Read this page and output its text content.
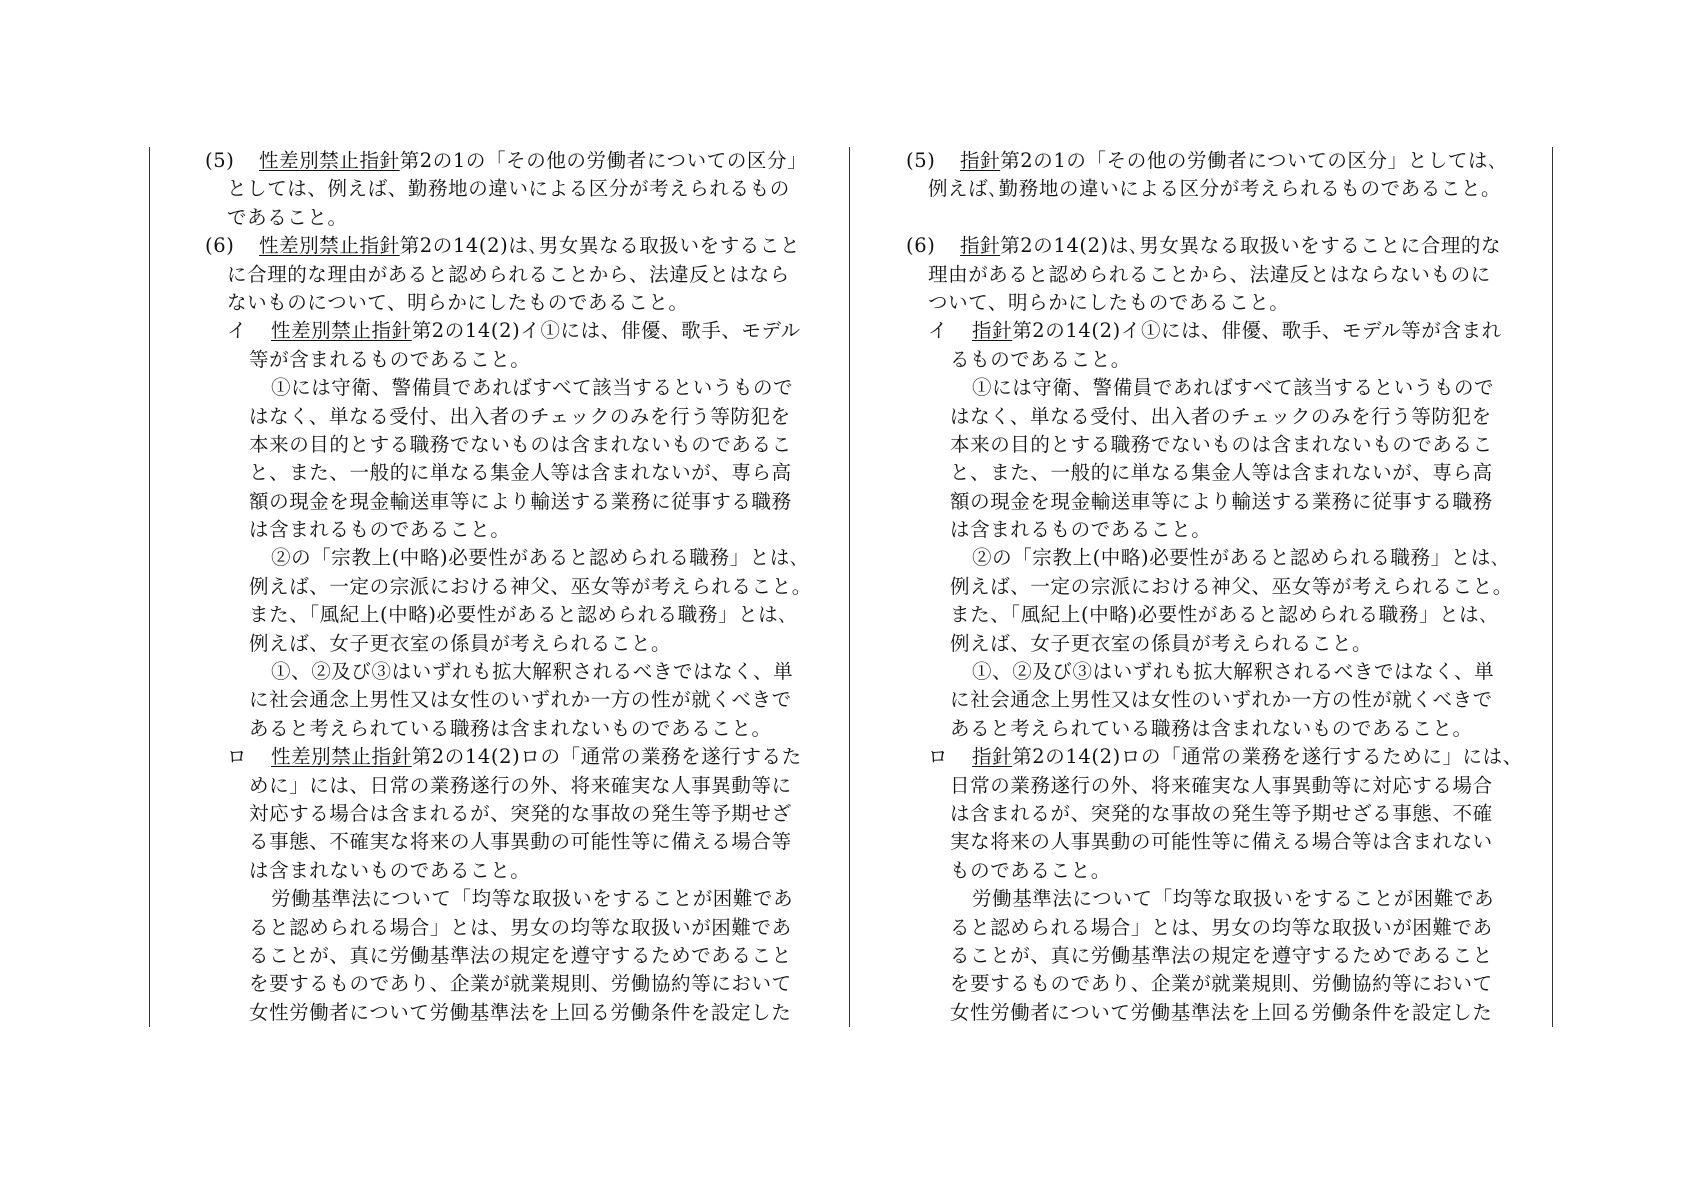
(5) 性差別禁止指針第2の1の「その他の労働者についての区分」
としては、例えば、勤務地の違いによる区分が考えられるもの
であること。
(6) 性差別禁止指針第2の14(2)は､男女異なる取扱いをすること
に合理的な理由があると認められることから、法違反とはなら
ないものについて、明らかにしたものであること。
イ 性差別禁止指針第2の14(2)イ①には、俳優、歌手、モデル
等が含まれるものであること。
①には守衛、警備員であればすべて該当するというもので
はなく、単なる受付、出入者のチェックのみを行う等防犯を
本来の目的とする職務でないものは含まれないものであるこ
と、また、一般的に単なる集金人等は含まれないが、専ら高
額の現金を現金輸送車等により輸送する業務に従事する職務
は含まれるものであること。
②の「宗教上(中略)必要性があると認められる職務」とは､
例えば、一定の宗派における神父、巫女等が考えられること｡
また、「風紀上(中略)必要性があると認められる職務」とは､
例えば、女子更衣室の係員が考えられること。
①、②及び③はいずれも拡大解釈されるべきではなく、単
に社会通念上男性又は女性のいずれか一方の性が就くべきで
あると考えられている職務は含まれないものであること。
ロ 性差別禁止指針第2の14(2)ロの「通常の業務を遂行するた
めに」には、日常の業務遂行の外、将来確実な人事異動等に
対応する場合は含まれるが、突発的な事故の発生等予期せざ
る事態、不確実な将来の人事異動の可能性等に備える場合等
は含まれないものであること。
労働基準法について「均等な取扱いをすることが困難であ
ると認められる場合」とは、男女の均等な取扱いが困難であ
ることが、真に労働基準法の規定を遵守するためであること
を要するものであり、企業が就業規則、労働協約等において
女性労働者について労働基準法を上回る労働条件を設定した
(5) 指針第2の1の「その他の労働者についての区分」としては､
例えば､勤務地の違いによる区分が考えられるものであること。
(6) 指針第2の14(2)は､男女異なる取扱いをすることに合理的な
理由があると認められることから、法違反とはならないものに
ついて、明らかにしたものであること。
イ 指針第2の14(2)イ①には、俳優、歌手、モデル等が含まれ
るものであること。
①には守衛、警備員であればすべて該当するというもので
はなく、単なる受付、出入者のチェックのみを行う等防犯を
本来の目的とする職務でないものは含まれないものであるこ
と、また、一般的に単なる集金人等は含まれないが、専ら高
額の現金を現金輸送車等により輸送する業務に従事する職務
は含まれるものであること。
②の「宗教上(中略)必要性があると認められる職務」とは､
例えば、一定の宗派における神父、巫女等が考えられること｡
また、「風紀上(中略)必要性があると認められる職務」とは､
例えば、女子更衣室の係員が考えられること。
①、②及び③はいずれも拡大解釈されるべきではなく、単
に社会通念上男性又は女性のいずれか一方の性が就くべきで
あると考えられている職務は含まれないものであること。
ロ 指針第2の14(2)ロの「通常の業務を遂行するために」には、
日常の業務遂行の外、将来確実な人事異動等に対応する場合
は含まれるが、突発的な事故の発生等予期せざる事態、不確
実な将来の人事異動の可能性等に備える場合等は含まれない
ものであること。
労働基準法について「均等な取扱いをすることが困難であ
ると認められる場合」とは、男女の均等な取扱いが困難であ
ることが、真に労働基準法の規定を遵守するためであること
を要するものであり、企業が就業規則、労働協約等において
女性労働者について労働基準法を上回る労働条件を設定した
